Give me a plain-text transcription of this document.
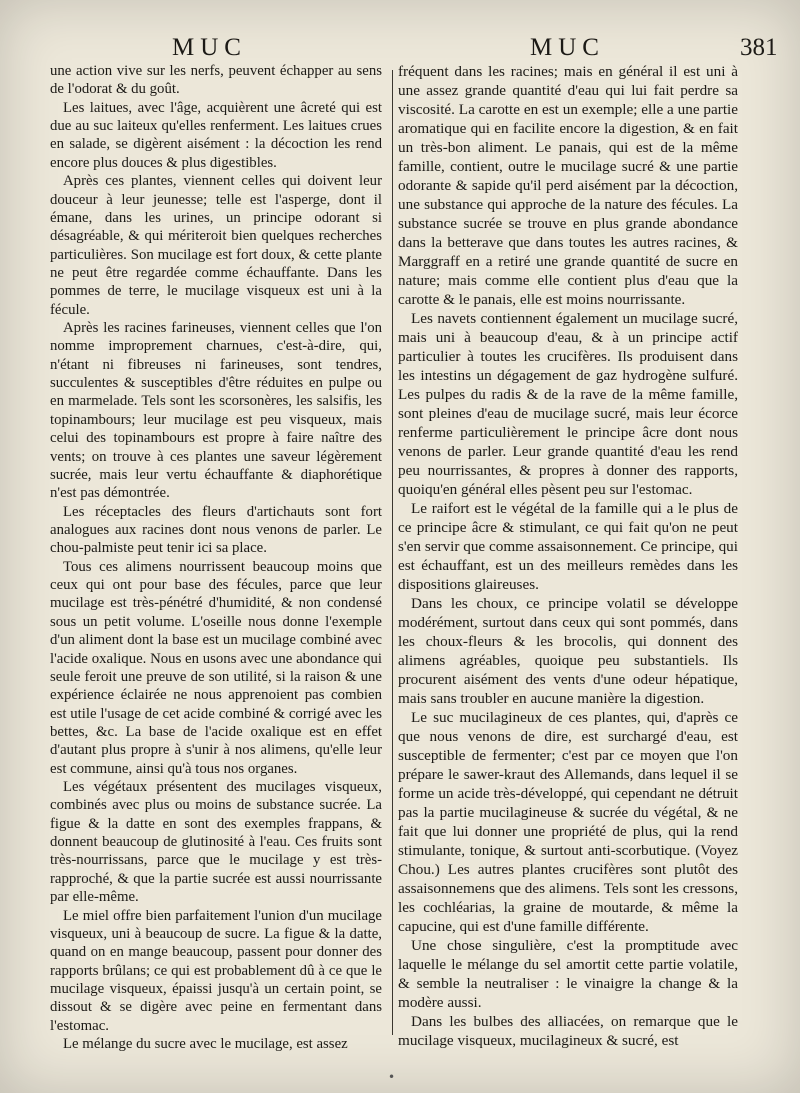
MUC	MUC	381

une action vive sur les nerfs, peuvent échapper au sens de l'odorat & du goût.

Les laitues, avec l'âge, acquièrent une âcreté qui est due au suc laiteux qu'elles renferment. Les laitues crues en salade, se digèrent aisément : la décoction les rend encore plus douces & plus digestibles.

Après ces plantes, viennent celles qui doivent leur douceur à leur jeunesse; telle est l'asperge, dont il émane, dans les urines, un principe odorant si désagréable, & qui mériteroit bien quelques recherches particulières. Son mucilage est fort doux, & cette plante ne peut être regardée comme échauffante. Dans les pommes de terre, le mucilage visqueux est uni à la fécule.

Après les racines farineuses, viennent celles que l'on nomme improprement charnues, c'est-à-dire, qui, n'étant ni fibreuses ni farineuses, sont tendres, succulentes & susceptibles d'être réduites en pulpe ou en marmelade. Tels sont les scorsonères, les salsifis, les topinambours; leur mucilage est peu visqueux, mais celui des topinambours est propre à faire naître des vents; on trouve à ces plantes une saveur légèrement sucrée, mais leur vertu échauffante & diaphorétique n'est pas démontrée.

Les réceptacles des fleurs d'artichauts sont fort analogues aux racines dont nous venons de parler. Le chou-palmiste peut tenir ici sa place.

Tous ces alimens nourrissent beaucoup moins que ceux qui ont pour base des fécules, parce que leur mucilage est très-pénétré d'humidité, & non condensé sous un petit volume. L'oseille nous donne l'exemple d'un aliment dont la base est un mucilage combiné avec l'acide oxalique. Nous en usons avec une abondance qui seule feroit une preuve de son utilité, si la raison & une expérience éclairée ne nous apprenoient pas combien est utile l'usage de cet acide combiné & corrigé avec les bettes, &c. La base de l'acide oxalique est en effet d'autant plus propre à s'unir à nos alimens, qu'elle leur est commune, ainsi qu'à tous nos organes.

Les végétaux présentent des mucilages visqueux, combinés avec plus ou moins de substance sucrée. La figue & la datte en sont des exemples frappans, & donnent beaucoup de glutinosité à l'eau. Ces fruits sont très-nourrissans, parce que le mucilage y est très-rapproché, & que la partie sucrée est aussi nourrissante par elle-même.

Le miel offre bien parfaitement l'union d'un mucilage visqueux, uni à beaucoup de sucre. La figue & la datte, quand on en mange beaucoup, passent pour donner des rapports brûlans; ce qui est probablement dû à ce que le mucilage visqueux, épaissi jusqu'à un certain point, se dissout & se digère avec peine en fermentant dans l'estomac.

Le mélange du sucre avec le mucilage, est assez

fréquent dans les racines; mais en général il est uni à une assez grande quantité d'eau qui lui fait perdre sa viscosité. La carotte en est un exemple; elle a une partie aromatique qui en facilite encore la digestion, & en fait un très-bon aliment. Le panais, qui est de la même famille, contient, outre le mucilage sucré & une partie odorante & sapide qu'il perd aisément par la décoction, une substance qui approche de la nature des fécules. La substance sucrée se trouve en plus grande abondance dans la betterave que dans toutes les autres racines, & Marggraff en a retiré une grande quantité de sucre en nature; mais comme elle contient plus d'eau que la carotte & le panais, elle est moins nourrissante.

Les navets contiennent également un mucilage sucré, mais uni à beaucoup d'eau, & à un principe actif particulier à toutes les crucifères. Ils produisent dans les intestins un dégagement de gaz hydrogène sulfuré. Les pulpes du radis & de la rave de la même famille, sont pleines d'eau de mucilage sucré, mais leur écorce renferme particulièrement le principe âcre dont nous venons de parler. Leur grande quantité d'eau les rend peu nourrissantes, & propres à donner des rapports, quoiqu'en général elles pèsent peu sur l'estomac.

Le raifort est le végétal de la famille qui a le plus de ce principe âcre & stimulant, ce qui fait qu'on ne peut s'en servir que comme assaisonnement. Ce principe, qui est échauffant, est un des meilleurs remèdes dans les dispositions glaireuses.

Dans les choux, ce principe volatil se développe modérément, surtout dans ceux qui sont pommés, dans les choux-fleurs & les brocolis, qui donnent des alimens agréables, quoique peu substantiels. Ils procurent aisément des vents d'une odeur hépatique, mais sans troubler en aucune manière la digestion.

Le suc mucilagineux de ces plantes, qui, d'après ce que nous venons de dire, est surchargé d'eau, est susceptible de fermenter; c'est par ce moyen que l'on prépare le sawer-kraut des Allemands, dans lequel il se forme un acide très-développé, qui cependant ne détruit pas la partie mucilagineuse & sucrée du végétal, & ne fait que lui donner une propriété de plus, qui la rend stimulante, tonique, & surtout anti-scorbutique. (Voyez Chou.) Les autres plantes crucifères sont plutôt des assaisonnemens que des alimens. Tels sont les cressons, les cochléarias, la graine de moutarde, & même la capucine, qui est d'une famille différente.

Une chose singulière, c'est la promptitude avec laquelle le mélange du sel amortit cette partie volatile, & semble la neutraliser : le vinaigre la change & la modère aussi.

Dans les bulbes des alliacées, on remarque que le mucilage visqueux, mucilagineux & sucré, est

•
